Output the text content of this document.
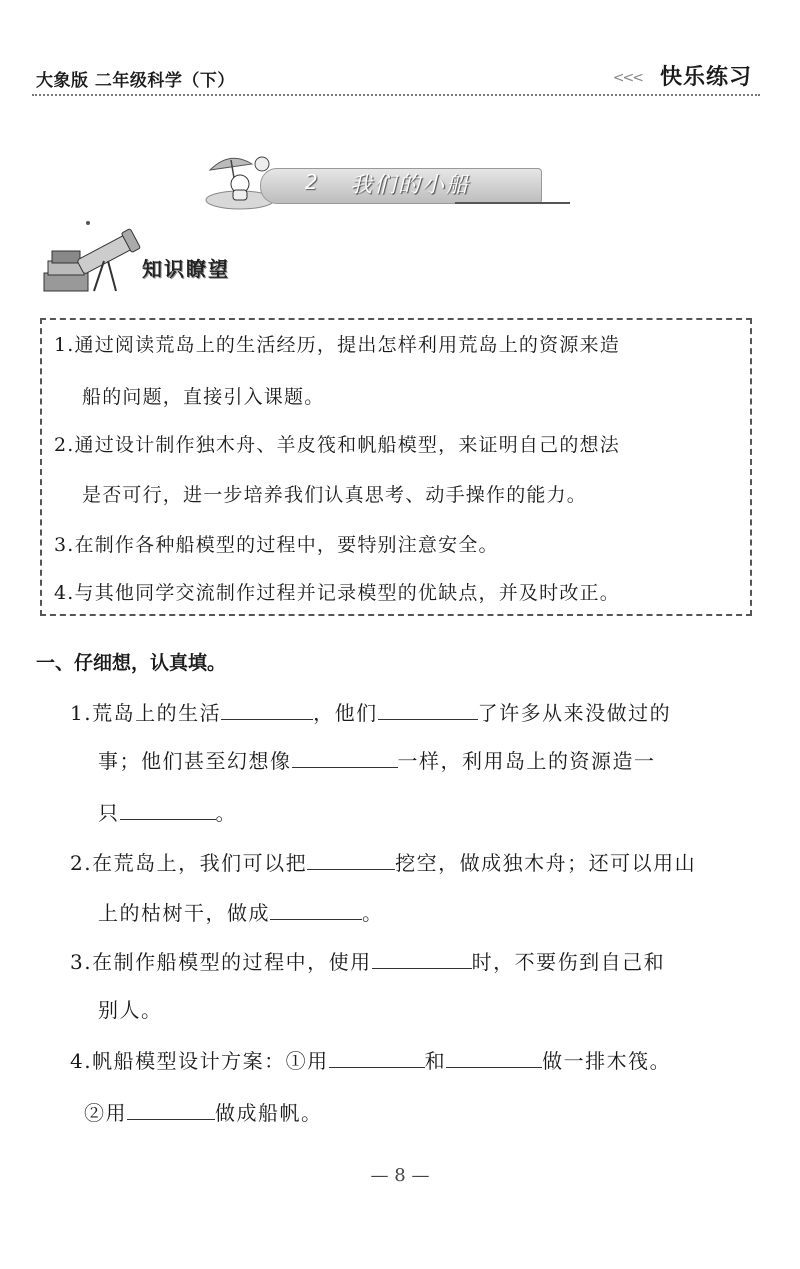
大象版 二年级科学（下）	<<< 快乐练习
2 我们的小船
知识瞭望
1.通过阅读荒岛上的生活经历，提出怎样利用荒岛上的资源来造
船的问题，直接引入课题。
2.通过设计制作独木舟、羊皮筏和帆船模型，来证明自己的想法
是否可行，进一步培养我们认真思考、动手操作的能力。
3.在制作各种船模型的过程中，要特别注意安全。
4.与其他同学交流制作过程并记录模型的优缺点，并及时改正。
一、仔细想，认真填。
1.荒岛上的生活	，他们	了许多从来没做过的
事；他们甚至幻想像	一样，利用岛上的资源造一
只	。
2.在荒岛上，我们可以把	挖空，做成独木舟；还可以用山
上的枯树干，做成	。
3.在制作船模型的过程中，使用	时，不要伤到自己和
别人。
4.帆船模型设计方案：①用	和	做一排木筏。
②用	做成船帆。
— 8 —
